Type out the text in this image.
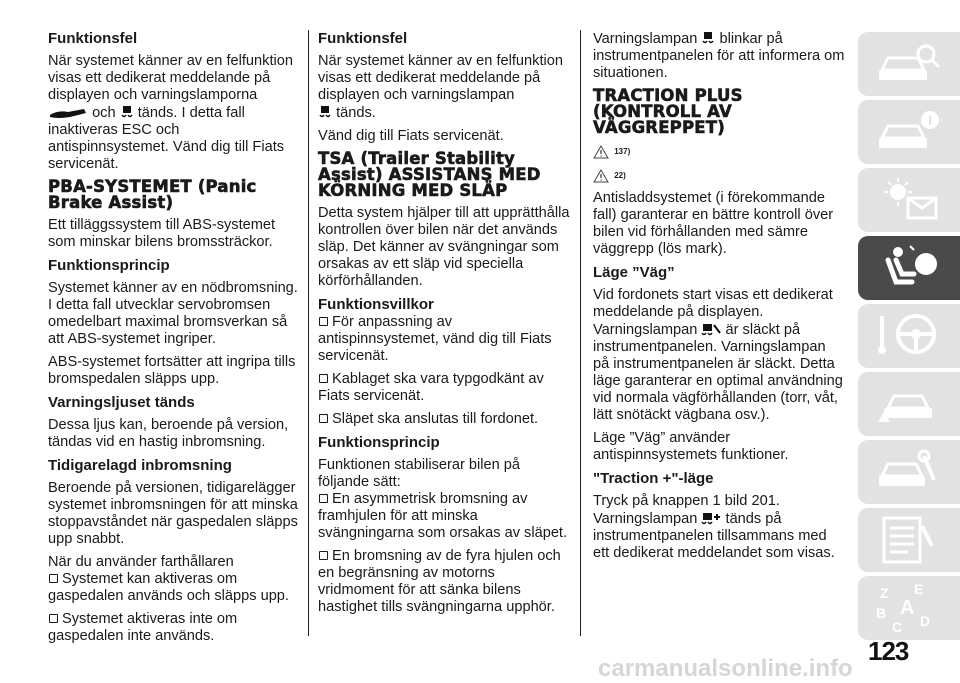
Funktionsfel

När systemet känner av en felfunktion visas ett dedikerat meddelande på displayen och varningslamporna
och tänds. I detta fall inaktiveras ESC och antispinnsystemet. Vänd dig till Fiats servicenät.

PBA-SYSTEMET (Panic Brake Assist)

Ett tilläggssystem till ABS-systemet som minskar bilens bromssträckor.

Funktionsprincip

Systemet känner av en nödbromsning. I detta fall utvecklar servobromsen omedelbart maximal bromsverkan så att ABS-systemet ingriper.

ABS-systemet fortsätter att ingripa tills bromspedalen släpps upp.

Varningsljuset tänds

Dessa ljus kan, beroende på version, tändas vid en hastig inbromsning.

Tidigarelagd inbromsning

Beroende på versionen, tidigarelägger systemet inbromsningen för att minska stoppavståndet när gaspedalen släpps upp snabbt.

När du använder farthållaren

Systemet kan aktiveras om gaspedalen används och släpps upp.

Systemet aktiveras inte om gaspedalen inte används.

Funktionsfel

När systemet känner av en felfunktion visas ett dedikerat meddelande på displayen och varningslampan
tänds.

Vänd dig till Fiats servicenät.

TSA (Trailer Stability Assist) ASSISTANS MED KÖRNING MED SLÄP

Detta system hjälper till att upprätthålla kontrollen över bilen när det används släp. Det känner av svängningar som orsakas av ett släp vid speciella körförhållanden.

Funktionsvillkor

För anpassning av antispinnsystemet, vänd dig till Fiats servicenät.

Kablaget ska vara typgodkänt av Fiats servicenät.

Släpet ska anslutas till fordonet.

Funktionsprincip

Funktionen stabiliserar bilen på följande sätt:

En asymmetrisk bromsning av framhjulen för att minska svängningarna som orsakas av släpet.

En bromsning av de fyra hjulen och en begränsning av motorns vridmoment för att sänka bilens hastighet tills svängningarna upphör.

Varningslampan blinkar på instrumentpanelen för att informera om situationen.

TRACTION PLUS (KONTROLL AV VÄGGREPPET)
137)
22)

Antisladdsystemet (i förekommande fall) garanterar en bättre kontroll över bilen vid förhållanden med sämre väggrepp (lös mark).

Läge ”Väg”

Vid fordonets start visas ett dedikerat meddelande på displayen. Varningslampan är släckt på instrumentpanelen. Varningslampan på instrumentpanelen är släckt. Detta läge garanterar en optimal användning vid normala vägförhållanden (torr, våt, lätt snötäckt vägbana osv.).

Läge ”Väg” använder antispinnsystemets funktioner.

"Traction +"-läge

Tryck på knappen 1 bild 201.

Varningslampan tänds på instrumentpanelen tillsammans med ett dedikerat meddelandet som visas.

Z E
B A
C D
123
carmanualsonline.info
